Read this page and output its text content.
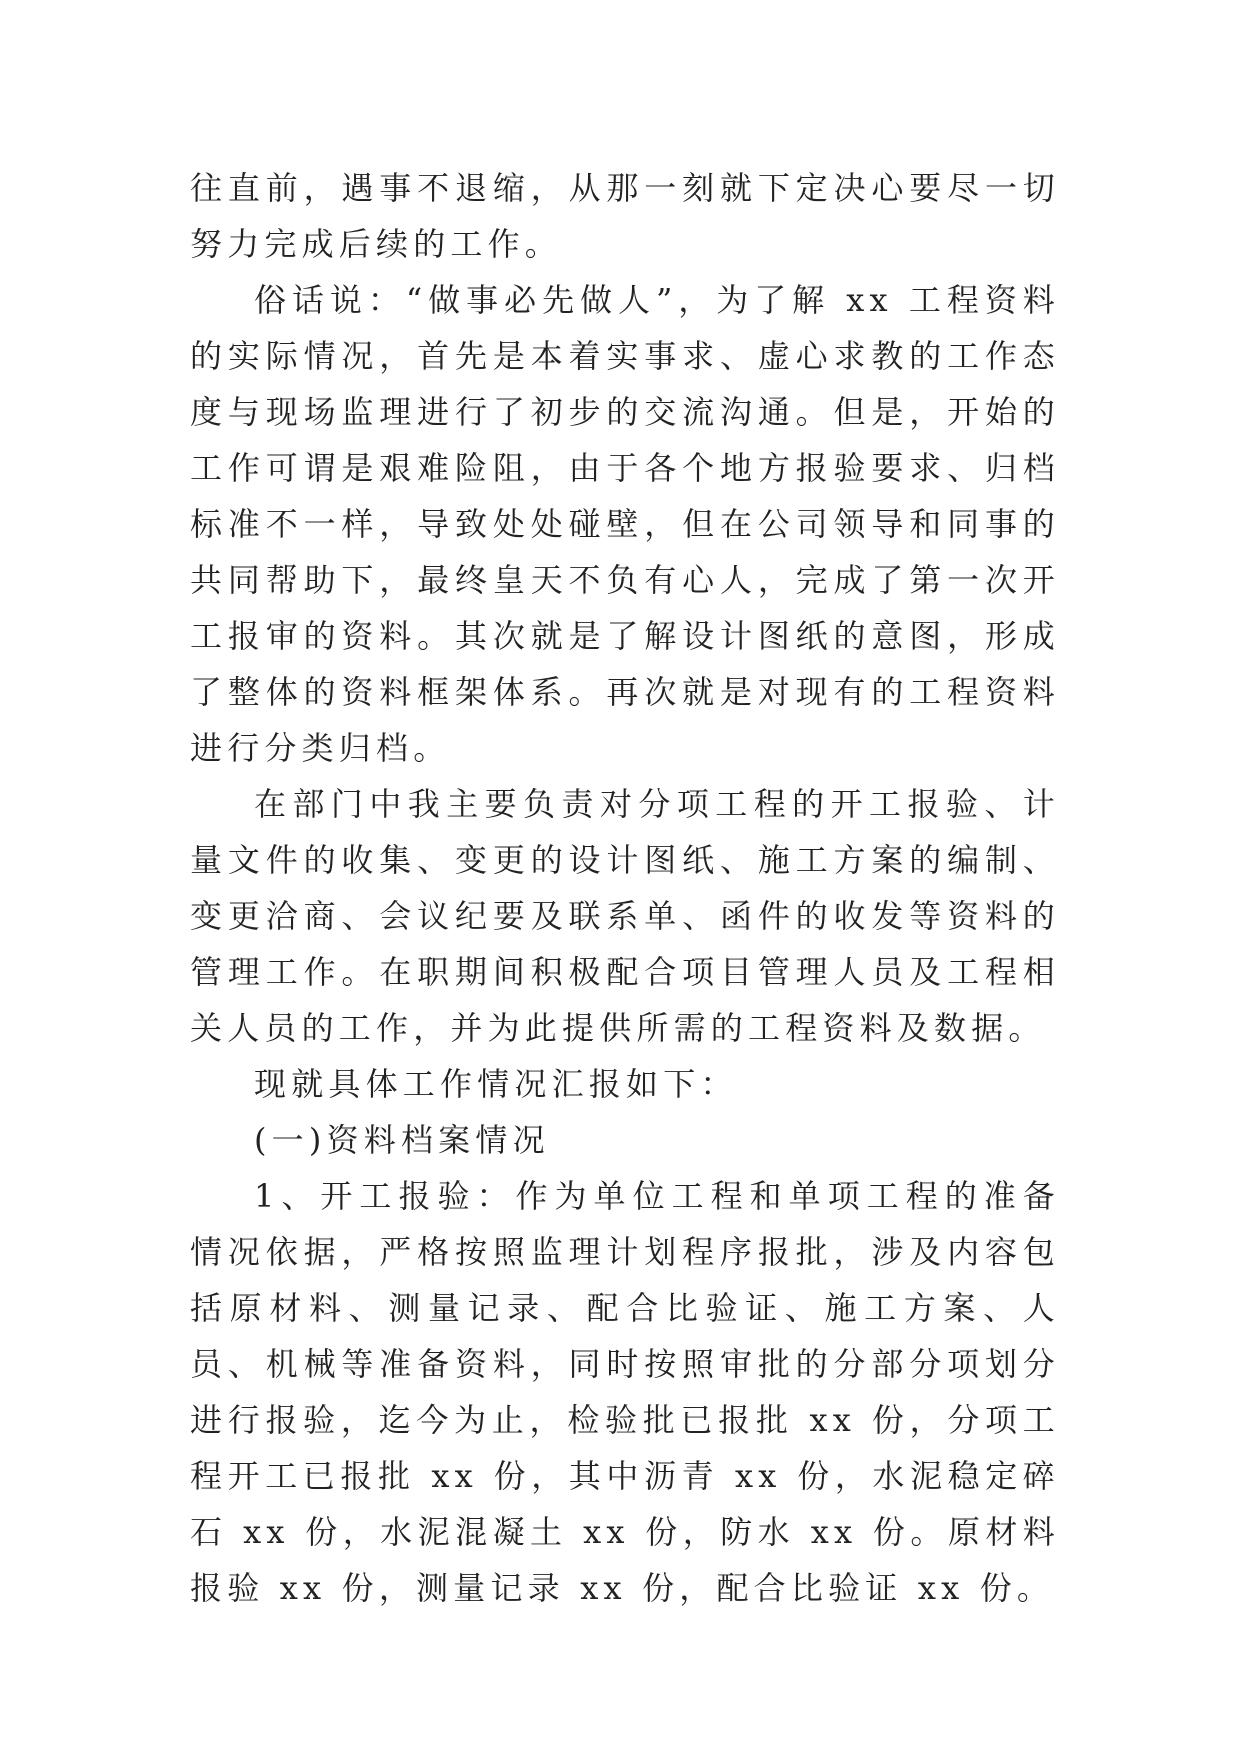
往直前，遇事不退缩，从那一刻就下定决心要尽一切努力完成后续的工作。

俗话说：“做事必先做人”，为了解 xx 工程资料的实际情况，首先是本着实事求、虚心求教的工作态度与现场监理进行了初步的交流沟通。但是，开始的工作可谓是艰难险阻，由于各个地方报验要求、归档标准不一样，导致处处碰壁，但在公司领导和同事的共同帮助下，最终皇天不负有心人，完成了第一次开工报审的资料。其次就是了解设计图纸的意图，形成了整体的资料框架体系。再次就是对现有的工程资料进行分类归档。

在部门中我主要负责对分项工程的开工报验、计量文件的收集、变更的设计图纸、施工方案的编制、变更洽商、会议纪要及联系单、函件的收发等资料的管理工作。在职期间积极配合项目管理人员及工程相关人员的工作，并为此提供所需的工程资料及数据。

现就具体工作情况汇报如下：

(一)资料档案情况

1、开工报验：作为单位工程和单项工程的准备情况依据，严格按照监理计划程序报批，涉及内容包括原材料、测量记录、配合比验证、施工方案、人员、机械等准备资料，同时按照审批的分部分项划分进行报验，迄今为止，检验批已报批 xx 份，分项工程开工已报批 xx 份，其中沥青 xx 份，水泥稳定碎石 xx 份，水泥混凝土 xx 份，防水 xx 份。原材料报验 xx 份，测量记录 xx 份，配合比验证 xx 份。
